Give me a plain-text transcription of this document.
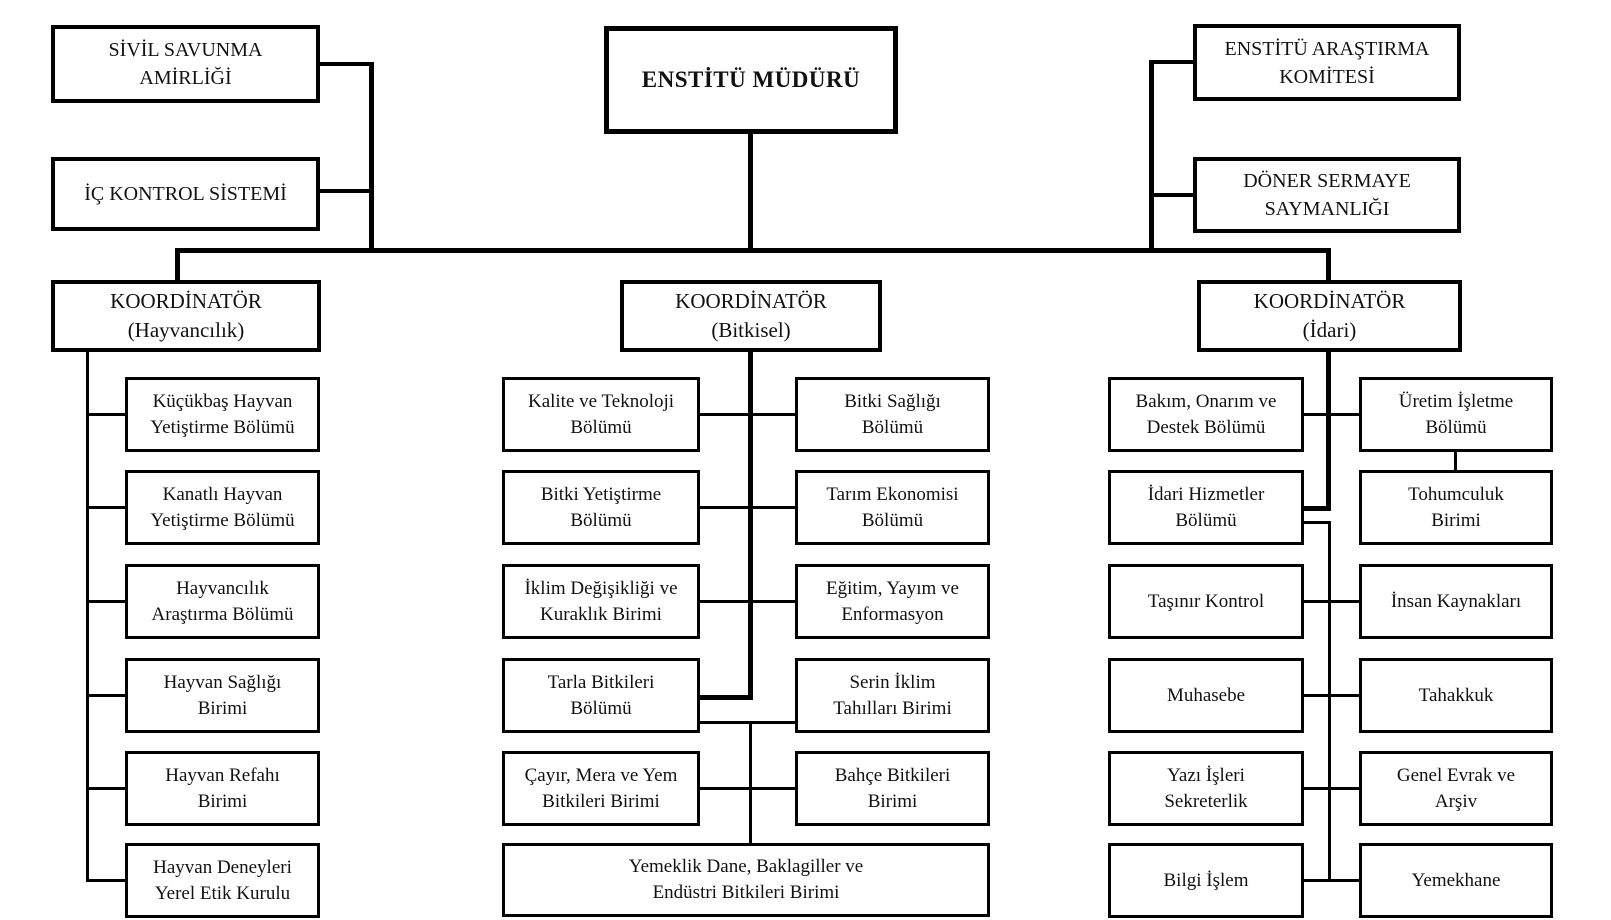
SİVİL SAVUNMA AMİRLİĞİ
İÇ KONTROL SİSTEMİ
ENSTİTÜ MÜDÜRÜ
ENSTİTÜ ARAŞTIRMA KOMİTESİ
DÖNER SERMAYE SAYMANLIĞI
KOORDİNATÖR
(Hayvancılık)
KOORDİNATÖR
(Bitkisel)
KOORDİNATÖR
(İdari)
Küçükbaş Hayvan Yetiştirme Bölümü
Kanatlı Hayvan Yetiştirme Bölümü
Hayvancılık Araştırma Bölümü
Hayvan Sağlığı Birimi
Hayvan Refahı Birimi
Hayvan Deneyleri Yerel Etik Kurulu
Kalite ve Teknoloji Bölümü
Bitki Yetiştirme Bölümü
İklim Değişikliği ve Kuraklık Birimi
Tarla Bitkileri Bölümü
Çayır, Mera ve Yem Bitkileri Birimi
Bitki Sağlığı Bölümü
Tarım Ekonomisi Bölümü
Eğitim, Yayım ve Enformasyon
Serin İklim Tahılları Birimi
Bahçe Bitkileri Birimi
Yemeklik Dane, Baklagiller ve Endüstri Bitkileri Birimi
Bakım, Onarım ve Destek Bölümü
İdari Hizmetler Bölümü
Taşınır Kontrol
Muhasebe
Yazı İşleri Sekreterlik
Bilgi İşlem
Üretim İşletme Bölümü
Tohumculuk Birimi
İnsan Kaynakları
Tahakkuk
Genel Evrak ve Arşiv
Yemekhane
